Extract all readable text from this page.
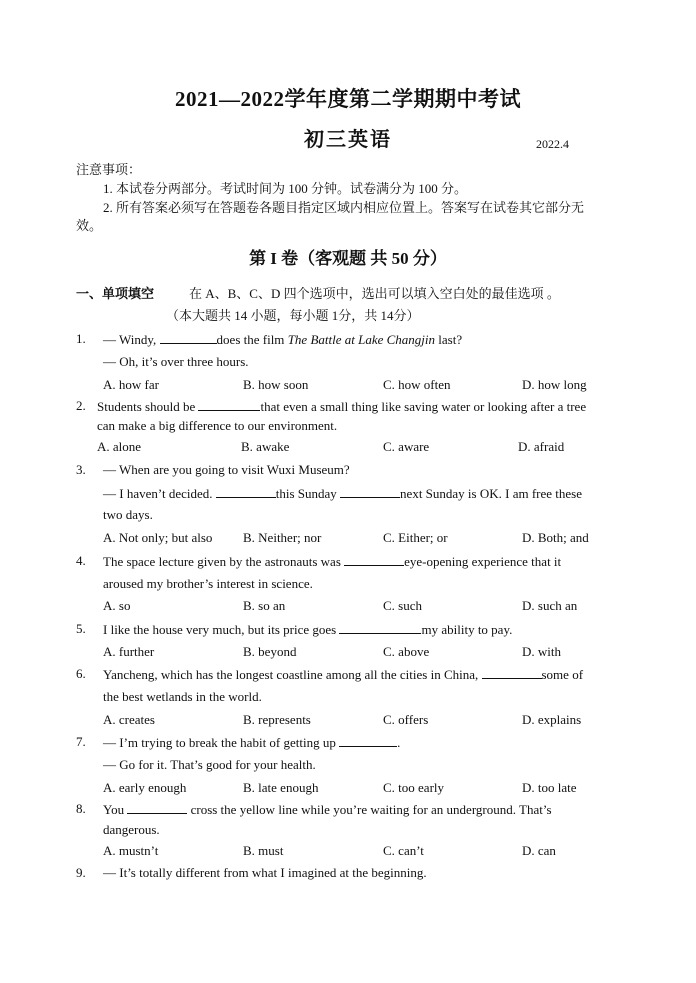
2021—2022学年度第二学期期中考试
初三英语	2022.4
注意事项：
1. 本试卷分两部分。考试时间为 100 分钟。试卷满分为 100 分。
2. 所有答案必须写在答题卷各题目指定区域内相应位置上。答案写在试卷其它部分无
效。
第 I 卷（客观题 共 50 分）
一、单项填空	在 A、B、C、D 四个选项中，选出可以填入空白处的最佳选项 。
（本大题共 14 小题，每小题 1分，共 14分）
1.	— Windy,	does the film The Battle at Lake Changjin last?
— Oh, it’s over three hours.
A. how far	B. how soon	C. how often	D. how long
2. Students should be	that even a small thing like saving water or looking after a tree
can make a big difference to our environment.
A. alone	B. awake	C. aware	D. afraid
3.	— When are you going to visit Wuxi Museum?
— I haven’t decided.	this Sunday	next Sunday is OK. I am free these
two days.
A. Not only; but also B. Neither; nor	C. Either; or	D. Both; and
4.	The space lecture given by the astronauts was	eye-opening experience that it
aroused my brother’s interest in science.
A. so	B. so an	C. such	D. such an
5.	I like the house very much, but its price goes	my ability to pay.
A. further	B. beyond	C. above	D. with
6.	Yancheng, which has the longest coastline among all the cities in China,	some of
the best wetlands in the world.
A. creates	B. represents	C. offers	D. explains
7.	— I’m trying to break the habit of getting up	.
— Go for it. That’s good for your health.
A. early enough	B. late enough	C. too early	D. too late
8.	You	cross the yellow line while you’re waiting for an underground. That’s
dangerous.
A. mustn’t	B. must	C. can’t	D. can
9.	— It’s totally different from what I imagined at the beginning.
